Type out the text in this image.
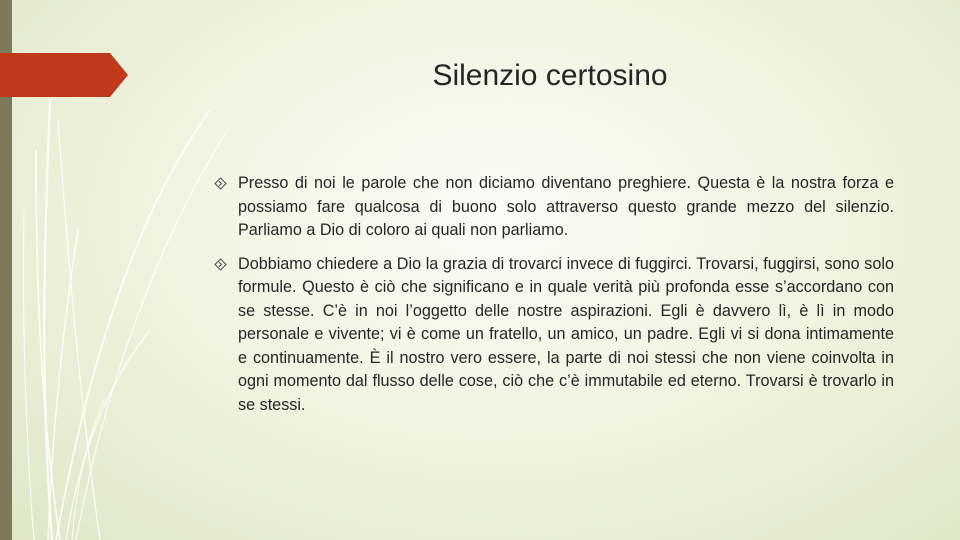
Silenzio certosino

Presso di noi le parole che non diciamo diventano preghiere. Questa è la nostra forza e possiamo fare qualcosa di buono solo attraverso questo grande mezzo del silenzio. Parliamo a Dio di coloro ai quali non parliamo.

Dobbiamo chiedere a Dio la grazia di trovarci invece di fuggirci. Trovarsi, fuggirsi, sono solo formule. Questo è ciò che significano e in quale verità più profonda esse s’accordano con se stesse. C’è in noi l’oggetto delle nostre aspirazioni. Egli è davvero lì, è lì in modo personale e vivente; vi è come un fratello, un amico, un padre. Egli vi si dona intimamente e continuamente. È il nostro vero essere, la parte di noi stessi che non viene coinvolta in ogni momento dal flusso delle cose, ciò che c’è immutabile ed eterno. Trovarsi è trovarlo in se stessi.
